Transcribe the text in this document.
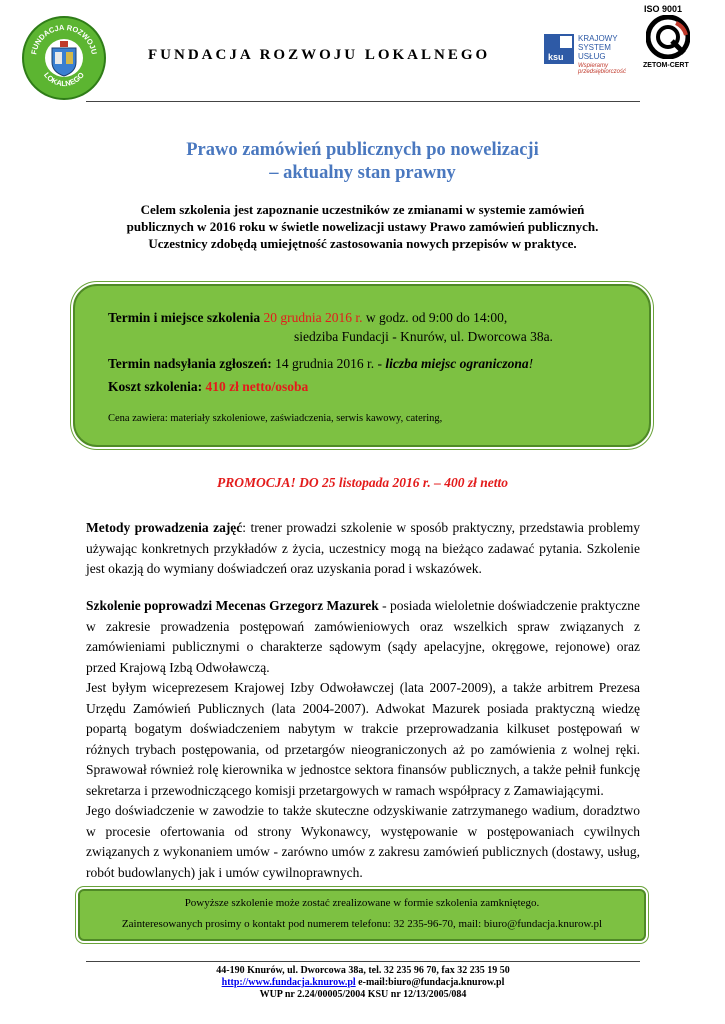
FUNDACJA ROZWOJU
LOKALNEGO
FUNDACJA ROZWOJU LOKALNEGO	ksu
KRAJOWY
SYSTEM
USŁUG
Wspieramy przedsiębiorczość
ISO 9001
ZETOM-CERT
Prawo zamówień publicznych po nowelizacji
– aktualny stan prawny
Celem szkolenia jest zapoznanie uczestników ze zmianami w systemie zamówień
publicznych w 2016 roku w świetle nowelizacji ustawy Prawo zamówień publicznych.
Uczestnicy zdobędą umiejętność zastosowania nowych przepisów w praktyce.
Termin i miejsce szkolenia 20 grudnia 2016 r. w godz. od 9:00 do 14:00,
siedziba Fundacji - Knurów, ul. Dworcowa 38a.
Termin nadsyłania zgłoszeń: 14 grudnia 2016 r. - liczba miejsc ograniczona!
Koszt szkolenia: 410 zł netto/osoba
Cena zawiera: materiały szkoleniowe, zaświadczenia, serwis kawowy, catering,
PROMOCJA! DO 25 listopada 2016 r. – 400 zł netto

Metody prowadzenia zajęć: trener prowadzi szkolenie w sposób praktyczny, przedstawia problemy używając konkretnych przykładów z życia, uczestnicy mogą na bieżąco zadawać pytania. Szkolenie jest okazją do wymiany doświadczeń oraz uzyskania porad i wskazówek.

Szkolenie poprowadzi Mecenas Grzegorz Mazurek - posiada wieloletnie doświadczenie praktyczne w zakresie prowadzenia postępowań zamówieniowych oraz wszelkich spraw związanych z zamówieniami publicznymi o charakterze sądowym (sądy apelacyjne, okręgowe, rejonowe) oraz przed Krajową Izbą Odwoławczą.

Jest byłym wiceprezesem Krajowej Izby Odwoławczej (lata 2007-2009), a także arbitrem Prezesa Urzędu Zamówień Publicznych (lata 2004-2007). Adwokat Mazurek posiada praktyczną wiedzę popartą bogatym doświadczeniem nabytym w trakcie przeprowadzania kilkuset postępowań w różnych trybach postępowania, od przetargów nieograniczonych aż po zamówienia z wolnej ręki. Sprawował również rolę kierownika w jednostce sektora finansów publicznych, a także pełnił funkcję sekretarza i przewodniczącego komisji przetargowych w ramach współpracy z Zamawiającymi.

Jego doświadczenie w zawodzie to także skuteczne odzyskiwanie zatrzymanego wadium, doradztwo w procesie ofertowania od strony Wykonawcy, występowanie w postępowaniach cywilnych związanych z wykonaniem umów - zarówno umów z zakresu zamówień publicznych (dostawy, usług, robót budowlanych) jak i umów cywilnoprawnych.

Powyższe szkolenie może zostać zrealizowane w formie szkolenia zamkniętego.
Zainteresowanych prosimy o kontakt pod numerem telefonu: 32 235-96-70, mail: biuro@fundacja.knurow.pl
44-190 Knurów, ul. Dworcowa 38a, tel. 32 235 96 70, fax 32 235 19 50
http://www.fundacja.knurow.pl e-mail:biuro@fundacja.knurow.pl
WUP nr 2.24/00005/2004 KSU nr 12/13/2005/084
